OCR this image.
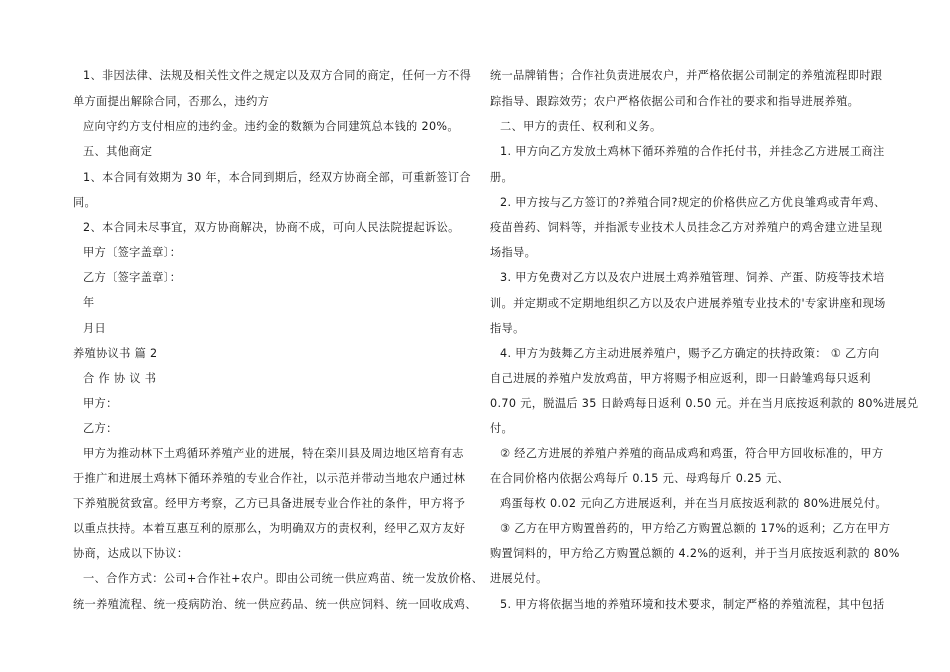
1、非因法律、法规及相关性文件之规定以及双方合同的商定，任何一方不得
单方面提出解除合同，否那么，违约方
应向守约方支付相应的违约金。违约金的数额为合同建筑总本钱的 20%。
五、其他商定
1、本合同有效期为 30 年，本合同到期后，经双方协商全部，可重新签订合
同。
2、本合同未尽事宜，双方协商解决，协商不成，可向人民法院提起诉讼。
甲方〔签字盖章〕：
乙方〔签字盖章〕：
年
月日
养殖协议书 篇 2
合 作 协 议 书
甲方：
乙方：
甲方为推动林下土鸡循环养殖产业的进展，特在栾川县及周边地区培育有志
于推广和进展土鸡林下循环养殖的专业合作社，以示范并带动当地农户通过林
下养殖脱贫致富。经甲方考察，乙方已具备进展专业合作社的条件，甲方将予
以重点扶持。本着互惠互利的原那么，为明确双方的责权利，经甲乙双方友好
协商，达成以下协议：
一、合作方式：公司+合作社+农户。即由公司统一供应鸡苗、统一发放价格、
统一养殖流程、统一疫病防治、统一供应药品、统一供应饲料、统一回收成鸡、
统一品牌销售；合作社负责进展农户，并严格依据公司制定的养殖流程即时跟
踪指导、跟踪效劳；农户严格依据公司和合作社的要求和指导进展养殖。
二、甲方的责任、权利和义务。
1. 甲方向乙方发放土鸡林下循环养殖的合作托付书，并挂念乙方进展工商注
册。
2. 甲方按与乙方签订的?养殖合同?规定的价格供应乙方优良雏鸡或青年鸡、
疫苗兽药、饲料等，并指派专业技术人员挂念乙方对养殖户的鸡舍建立进呈现
场指导。
3. 甲方免费对乙方以及农户进展土鸡养殖管理、饲养、产蛋、防疫等技术培
训。并定期或不定期地组织乙方以及农户进展养殖专业技术的'专家讲座和现场
指导。
4. 甲方为鼓舞乙方主动进展养殖户，赐予乙方确定的扶持政策： ① 乙方向
自己进展的养殖户发放鸡苗，甲方将赐予相应返利，即一日龄雏鸡每只返利
0.70 元，脱温后 35 日龄鸡每日返利 0.50 元。并在当月底按返利款的 80%进展兑
付。
② 经乙方进展的养殖户养殖的商品成鸡和鸡蛋，符合甲方回收标准的，甲方
在合同价格内依据公鸡每斤 0.15 元、母鸡每斤 0.25 元、
鸡蛋每枚 0.02 元向乙方进展返利，并在当月底按返利款的 80%进展兑付。
③ 乙方在甲方购置兽药的，甲方给乙方购置总额的 17%的返利；乙方在甲方
购置饲料的，甲方给乙方购置总额的 4.2%的返利，并于当月底按返利款的 80%
进展兑付。
5. 甲方将依据当地的养殖环境和技术要求，制定严格的养殖流程，其中包括
